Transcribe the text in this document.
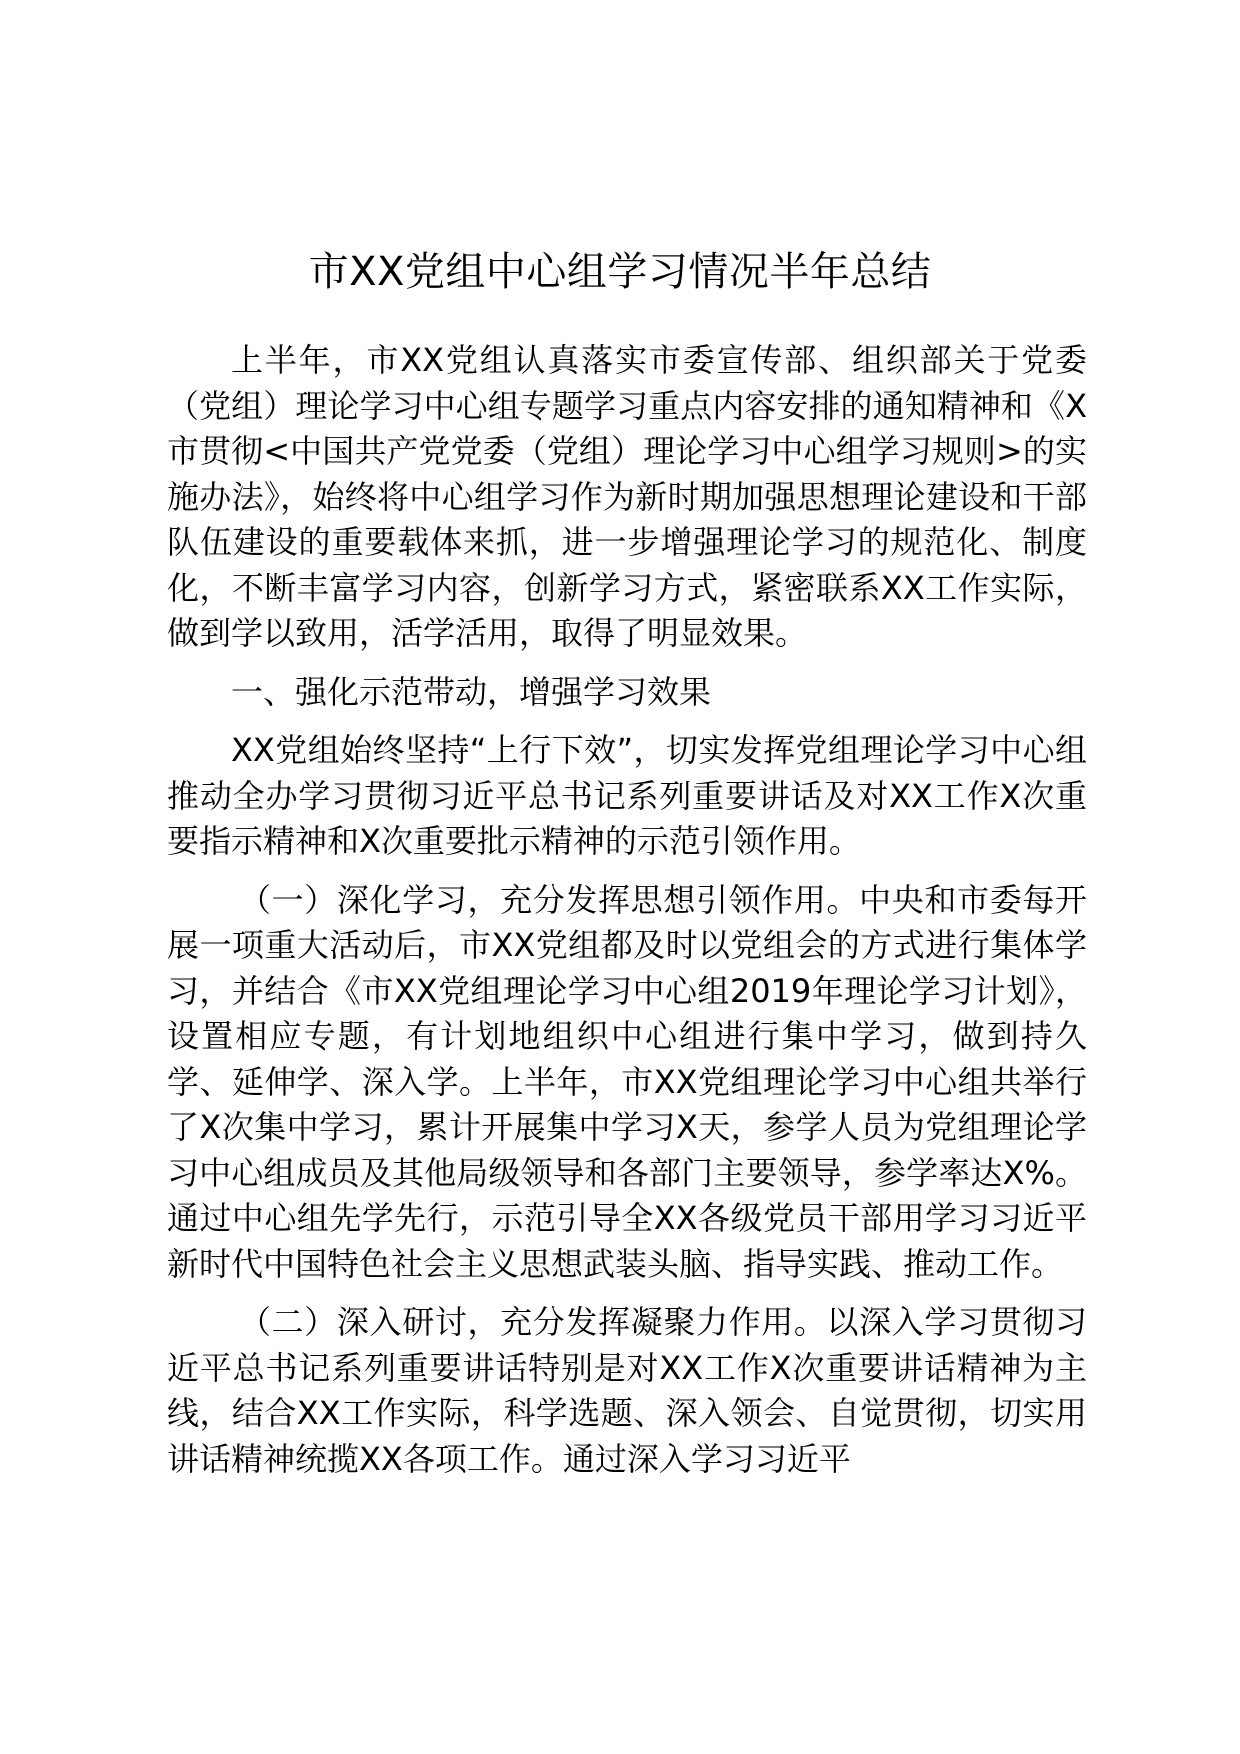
市XX党组中心组学习情况半年总结

上半年，市XX党组认真落实市委宣传部、组织部关于党委（党组）理论学习中心组专题学习重点内容安排的通知精神和《X市贯彻<中国共产党党委（党组）理论学习中心组学习规则>的实施办法》，始终将中心组学习作为新时期加强思想理论建设和干部队伍建设的重要载体来抓，进一步增强理论学习的规范化、制度化，不断丰富学习内容，创新学习方式，紧密联系XX工作实际，做到学以致用，活学活用，取得了明显效果。

一、强化示范带动，增强学习效果

XX党组始终坚持“上行下效”，切实发挥党组理论学习中心组推动全办学习贯彻习近平总书记系列重要讲话及对XX工作X次重要指示精神和X次重要批示精神的示范引领作用。

（一）深化学习，充分发挥思想引领作用。中央和市委每开展一项重大活动后，市XX党组都及时以党组会的方式进行集体学习，并结合《市XX党组理论学习中心组2019年理论学习计划》，设置相应专题，有计划地组织中心组进行集中学习，做到持久学、延伸学、深入学。上半年，市XX党组理论学习中心组共举行了X次集中学习，累计开展集中学习X天，参学人员为党组理论学习中心组成员及其他局级领导和各部门主要领导，参学率达X%。通过中心组先学先行，示范引导全XX各级党员干部用学习习近平新时代中国特色社会主义思想武装头脑、指导实践、推动工作。

（二）深入研讨，充分发挥凝聚力作用。以深入学习贯彻习近平总书记系列重要讲话特别是对XX工作X次重要讲话精神为主线，结合XX工作实际，科学选题、深入领会、自觉贯彻，切实用讲话精神统揽XX各项工作。通过深入学习习近平
